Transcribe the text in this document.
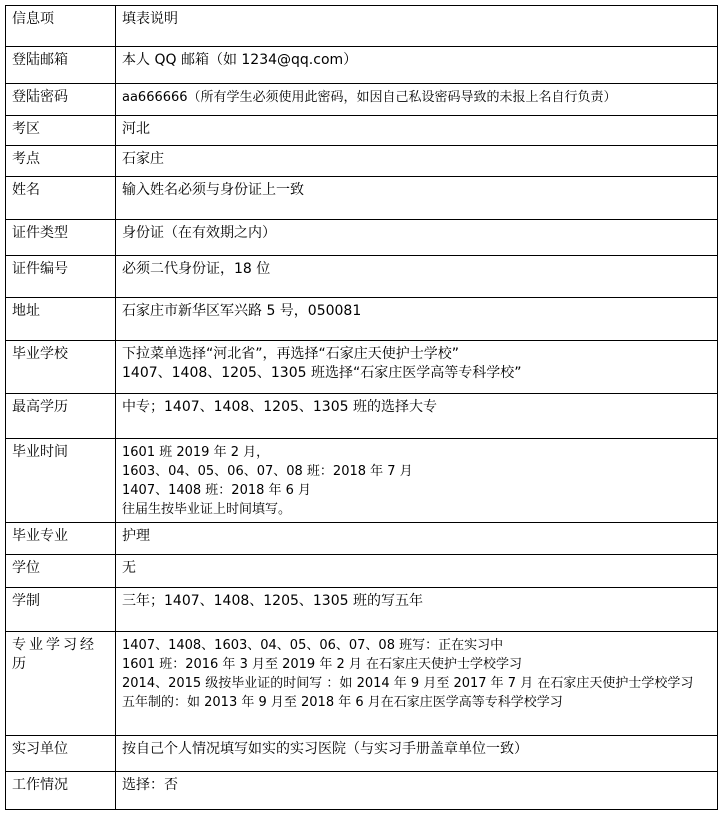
信息项	填表说明

登陆邮箱	本人 QQ 邮箱（如 1234@qq.com）

登陆密码	aa666666（所有学生必须使用此密码，如因自己私设密码导致的未报上名自行负责）

考区	河北

考点	石家庄

姓名	输入姓名必须与身份证上一致

证件类型	身份证（在有效期之内）

证件编号	必须二代身份证，18 位

地址	石家庄市新华区军兴路 5 号，050081

毕业学校	下拉菜单选择“河北省”，再选择“石家庄天使护士学校”
1407、1408、1205、1305 班选择“石家庄医学高等专科学校”

最高学历	中专；1407、1408、1205、1305 班的选择大专

毕业时间	1601 班 2019 年 2 月，
1603、04、05、06、07、08 班：2018 年 7 月
1407、1408 班：2018 年 6 月
往届生按毕业证上时间填写。

毕业专业	护理

学位	无

学制	三年；1407、1408、1205、1305 班的写五年

专业学习经历	1407、1408、1603、04、05、06、07、08 班写：正在实习中
1601 班：2016 年 3 月至 2019 年 2 月 在石家庄天使护士学校学习
2014、2015 级按毕业证的时间写 ：如 2014 年 9 月至 2017 年 7 月 在石家庄天使护士学校学习
五年制的：如 2013 年 9 月至 2018 年 6 月在石家庄医学高等专科学校学习

实习单位	按自己个人情况填写如实的实习医院（与实习手册盖章单位一致）

工作情况	选择：否
